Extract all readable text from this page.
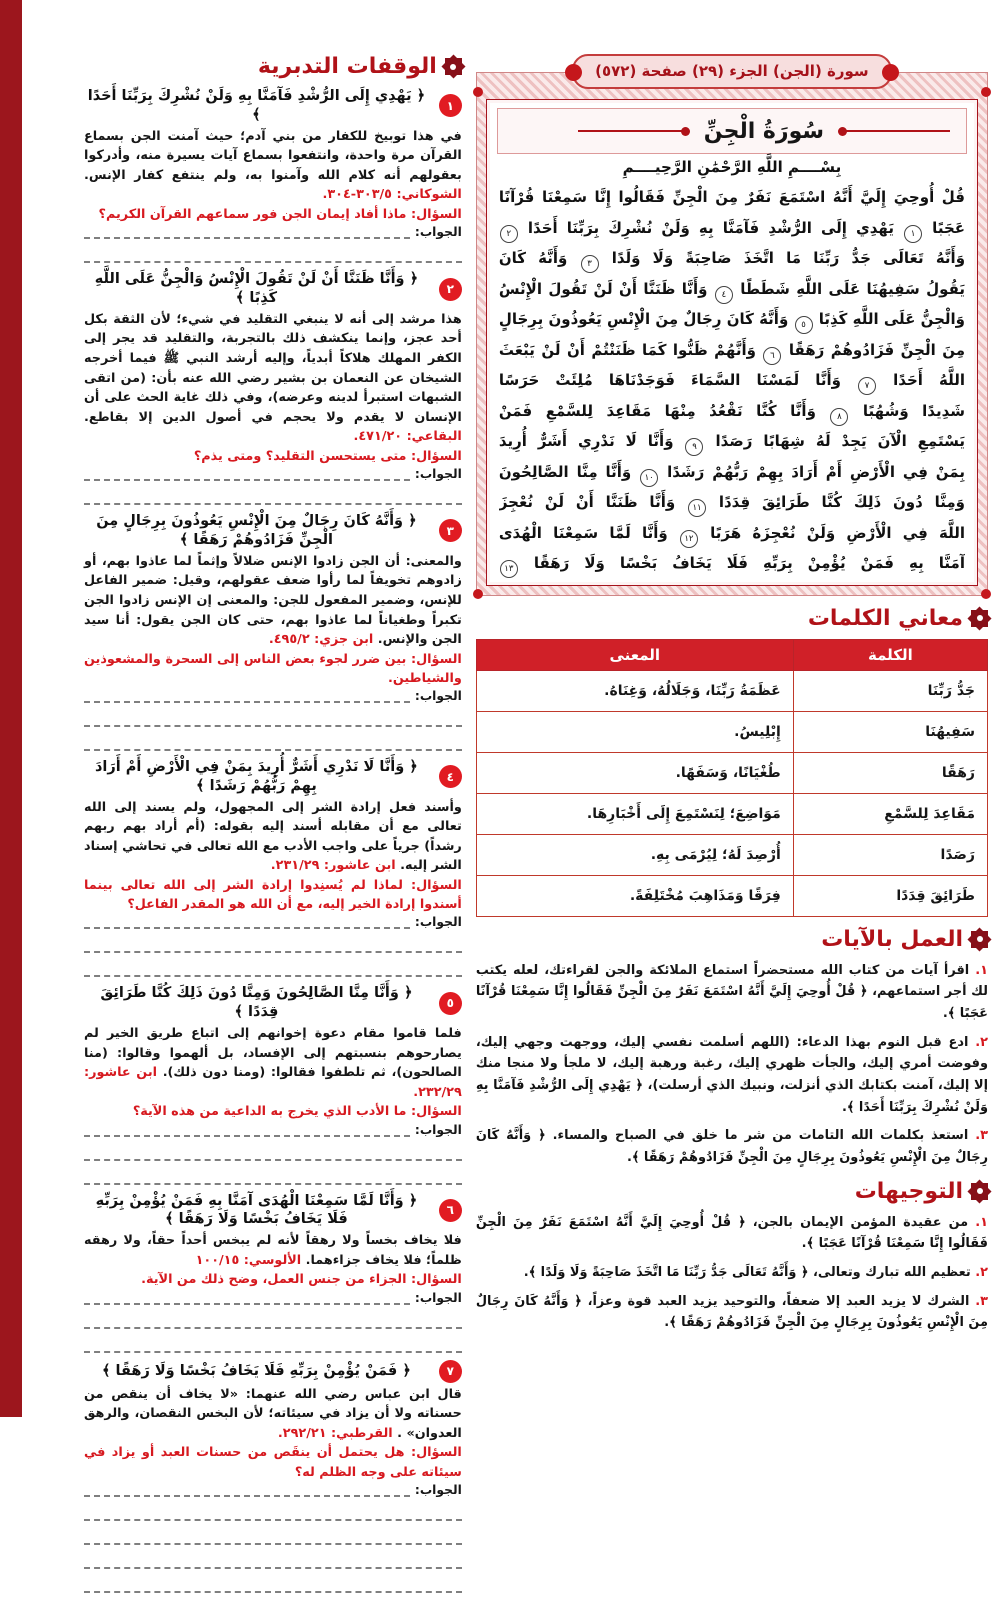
سورة (الجن) الجزء (٢٩) صفحة (٥٧٢)
سُورَةُ الْجِنِّ
بِسْــــمِ اللَّهِ الرَّحْمَٰنِ الرَّحِيــــمِ
قُلْ أُوحِيَ إِلَيَّ أَنَّهُ اسْتَمَعَ نَفَرٌ مِنَ الْجِنِّ فَقَالُوا إِنَّا سَمِعْنَا قُرْآنًا
عَجَبًا ١ يَهْدِي إِلَى الرُّشْدِ فَآمَنَّا بِهِ وَلَنْ نُشْرِكَ بِرَبِّنَا أَحَدًا ٢
وَأَنَّهُ تَعَالَى جَدُّ رَبِّنَا مَا اتَّخَذَ صَاحِبَةً وَلَا وَلَدًا ٣ وَأَنَّهُ كَانَ
يَقُولُ سَفِيهُنَا عَلَى اللَّهِ شَطَطًا ٤ وَأَنَّا ظَنَنَّا أَنْ لَنْ تَقُولَ الْإِنْسُ
وَالْجِنُّ عَلَى اللَّهِ كَذِبًا ٥ وَأَنَّهُ كَانَ رِجَالٌ مِنَ الْإِنْسِ يَعُوذُونَ بِرِجَالٍ
مِنَ الْجِنِّ فَزَادُوهُمْ رَهَقًا ٦ وَأَنَّهُمْ ظَنُّوا كَمَا ظَنَنْتُمْ أَنْ لَنْ يَبْعَثَ
اللَّهُ أَحَدًا ٧ وَأَنَّا لَمَسْنَا السَّمَاءَ فَوَجَدْنَاهَا مُلِئَتْ حَرَسًا
شَدِيدًا وَشُهُبًا ٨ وَأَنَّا كُنَّا نَقْعُدُ مِنْهَا مَقَاعِدَ لِلسَّمْعِ فَمَنْ
يَسْتَمِعِ الْآنَ يَجِدْ لَهُ شِهَابًا رَصَدًا ٩ وَأَنَّا لَا نَدْرِي أَشَرٌّ أُرِيدَ
بِمَنْ فِي الْأَرْضِ أَمْ أَرَادَ بِهِمْ رَبُّهُمْ رَشَدًا ١٠ وَأَنَّا مِنَّا الصَّالِحُونَ
وَمِنَّا دُونَ ذَلِكَ كُنَّا طَرَائِقَ قِدَدًا ١١ وَأَنَّا ظَنَنَّا أَنْ لَنْ نُعْجِزَ
اللَّهَ فِي الْأَرْضِ وَلَنْ نُعْجِزَهُ هَرَبًا ١٢ وَأَنَّا لَمَّا سَمِعْنَا الْهُدَى
آمَنَّا بِهِ فَمَنْ يُؤْمِنْ بِرَبِّهِ فَلَا يَخَافُ بَخْسًا وَلَا رَهَقًا ١٣
معاني الكلمات
الكلمة	المعنى
جَدُّ رَبِّنَا	عَظَمَةُ رَبِّنَا، وَجَلَالُهُ، وَغِنَاهُ.
سَفِيهُنَا	إِبْلِيسُ.
رَهَقًا	طُغْيَانًا، وَسَفَهًا.
مَقَاعِدَ لِلسَّمْعِ	مَوَاضِعَ؛ لِنَسْتَمِعَ إِلَى أَخْبَارِهَا.
رَصَدًا	أُرْصِدَ لَهُ؛ لِيُرْمَى بِهِ.
طَرَائِقَ قِدَدًا	فِرَقًا وَمَذَاهِبَ مُخْتَلِفَةً.
العمل بالآيات
١. اقرأ آيات من كتاب الله مستحضراً استماع الملائكة والجن لقراءتك، لعله يكتب لك أجر استماعهم، ﴿ قُلْ أُوحِيَ إِلَيَّ أَنَّهُ اسْتَمَعَ نَفَرٌ مِنَ الْجِنِّ فَقَالُوا إِنَّا سَمِعْنَا قُرْآنًا عَجَبًا ﴾.
٢. ادع قبل النوم بهذا الدعاء: (اللهم أسلمت نفسي إليك، ووجهت وجهي إليك، وفوضت أمري إليك، والجأت ظهري إليك، رغبة ورهبة إليك، لا ملجأ ولا منجا منك إلا إليك، آمنت بكتابك الذي أنزلت، ونبيك الذي أرسلت)، ﴿ يَهْدِي إِلَى الرُّشْدِ فَآمَنَّا بِهِ وَلَنْ نُشْرِكَ بِرَبِّنَا أَحَدًا ﴾.
٣. استعذ بكلمات الله التامات من شر ما خلق في الصباح والمساء. ﴿ وَأَنَّهُ كَانَ رِجَالٌ مِنَ الْإِنْسِ يَعُوذُونَ بِرِجَالٍ مِنَ الْجِنِّ فَزَادُوهُمْ رَهَقًا ﴾.
التوجيهات
١. من عقيدة المؤمن الإيمان بالجن، ﴿ قُلْ أُوحِيَ إِلَيَّ أَنَّهُ اسْتَمَعَ نَفَرٌ مِنَ الْجِنِّ فَقَالُوا إِنَّا سَمِعْنَا قُرْآنًا عَجَبًا ﴾.
٢. تعظيم الله تبارك وتعالى، ﴿ وَأَنَّهُ تَعَالَى جَدُّ رَبِّنَا مَا اتَّخَذَ صَاحِبَةً وَلَا وَلَدًا ﴾.
٣. الشرك لا يزيد العبد إلا ضعفاً، والتوحيد يزيد العبد قوة وعزاً، ﴿ وَأَنَّهُ كَانَ رِجَالٌ مِنَ الْإِنْسِ يَعُوذُونَ بِرِجَالٍ مِنَ الْجِنِّ فَزَادُوهُمْ رَهَقًا ﴾.
الوقفات التدبرية
١
﴿ يَهْدِي إِلَى الرُّشْدِ فَآمَنَّا بِهِ وَلَنْ نُشْرِكَ بِرَبِّنَا أَحَدًا ﴾
في هذا توبيخ للكفار من بني آدم؛ حيث آمنت الجن بسماع القرآن مرة واحدة، وانتفعوا بسماع آيات يسيرة منه، وأدركوا بعقولهم أنه كلام الله وآمنوا به، ولم ينتفع كفار الإنس. الشوكاني: ٣٠٣/٥-٣٠٤.
السؤال: ماذا أفاد إيمان الجن فور سماعهم القرآن الكريم؟
الجواب:
٢
﴿ وَأَنَّا ظَنَنَّا أَنْ لَنْ تَقُولَ الْإِنْسُ وَالْجِنُّ عَلَى اللَّهِ كَذِبًا ﴾
هذا مرشد إلى أنه لا ينبغي التقليد في شيء؛ لأن الثقة بكل أحد عجز، وإنما ينكشف ذلك بالتجربة، والتقليد قد يجر إلى الكفر المهلك هلاكاً أبدياً، وإليه أرشد النبي ﷺ فيما أخرجه الشيخان عن النعمان بن بشير رضي الله عنه بأن: (من اتقى الشبهات استبرأ لدينه وعرضه)، وفي ذلك غاية الحث على أن الإنسان لا يقدم ولا يحجم في أصول الدين إلا بقاطع. البقاعي: ٤٧١/٢٠.
السؤال: متى يستحسن التقليد؟ ومتى يذم؟
الجواب:
٣
﴿ وَأَنَّهُ كَانَ رِجَالٌ مِنَ الْإِنْسِ يَعُوذُونَ بِرِجَالٍ مِنَ الْجِنِّ فَزَادُوهُمْ رَهَقًا ﴾
والمعنى: أن الجن زادوا الإنس ضلالاً وإثماً لما عاذوا بهم، أو زادوهم تخويفاً لما رأوا ضعف عقولهم، وقيل: ضمير الفاعل للإنس، وضمير المفعول للجن: والمعنى إن الإنس زادوا الجن تكبراً وطغياناً لما عاذوا بهم، حتى كان الجن يقول: أنا سيد الجن والإنس. ابن جزي: ٤٩٥/٢.
السؤال: بين ضرر لجوء بعض الناس إلى السحرة والمشعوذين والشياطين.
الجواب:
٤
﴿ وَأَنَّا لَا نَدْرِي أَشَرٌّ أُرِيدَ بِمَنْ فِي الْأَرْضِ أَمْ أَرَادَ بِهِمْ رَبُّهُمْ رَشَدًا ﴾
وأسند فعل إرادة الشر إلى المجهول، ولم يسند إلى الله تعالى مع أن مقابله أسند إليه بقوله: (أم أراد بهم ربهم رشداً) جرياً على واجب الأدب مع الله تعالى في تحاشي إسناد الشر إليه. ابن عاشور: ٢٣١/٢٩.
السؤال: لماذا لم يُسنِدوا إرادة الشر إلى الله تعالى بينما أسندوا إرادة الخير إليه، مع أن الله هو المقدر الفاعل؟
الجواب:
٥
﴿ وَأَنَّا مِنَّا الصَّالِحُونَ وَمِنَّا دُونَ ذَلِكَ كُنَّا طَرَائِقَ قِدَدًا ﴾
فلما قاموا مقام دعوة إخوانهم إلى اتباع طريق الخير لم يصارحوهم بنسبتهم إلى الإفساد، بل ألهموا وقالوا: (منا الصالحون)، ثم تلطفوا فقالوا: (ومنا دون ذلك). ابن عاشور: ٢٣٢/٢٩.
السؤال: ما الأدب الذي يخرج به الداعية من هذه الآية؟
الجواب:
٦
﴿ وَأَنَّا لَمَّا سَمِعْنَا الْهُدَى آمَنَّا بِهِ فَمَنْ يُؤْمِنْ بِرَبِّهِ فَلَا يَخَافُ بَخْسًا وَلَا رَهَقًا ﴾
فلا يخاف بخساً ولا رهقاً لأنه لم يبخس أحداً حقاً، ولا رهقه ظلماً؛ فلا يخاف جزاءهما. الألوسي: ١٠٠/١٥
السؤال: الجزاء من جنس العمل، وضح ذلك من الآية.
الجواب:
٧
﴿ فَمَنْ يُؤْمِنْ بِرَبِّهِ فَلَا يَخَافُ بَخْسًا وَلَا رَهَقًا ﴾
قال ابن عباس رضي الله عنهما: «لا يخاف أن ينقص من حسناته ولا أن يزاد في سيئاته؛ لأن البخس النقصان، والرهق العدوان» . القرطبي: ٢٩٢/٢١.
السؤال: هل يحتمل أن ينقَص من حسنات العبد أو يزاد في سيئاته على وجه الظلم له؟
الجواب:
